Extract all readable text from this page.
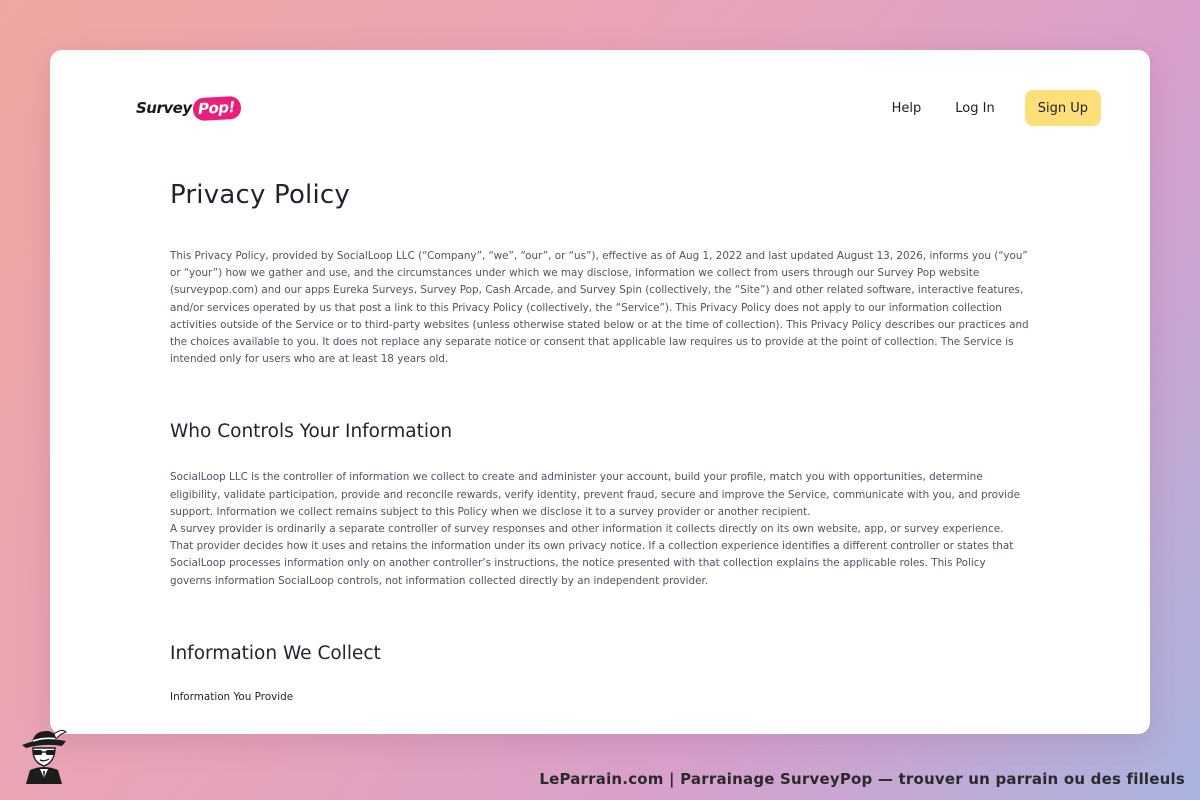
Survey Pop!	Help	Log In	Sign Up
Privacy Policy

This Privacy Policy, provided by SocialLoop LLC (“Company”, “we”, “our”, or “us”), effective as of Aug 1, 2022 and last updated August 13, 2026, informs you (“you” or “your”) how we gather and use, and the circumstances under which we may disclose, information we collect from users through our Survey Pop website (surveypop.com) and our apps Eureka Surveys, Survey Pop, Cash Arcade, and Survey Spin (collectively, the “Site”) and other related software, interactive features, and/or services operated by us that post a link to this Privacy Policy (collectively, the “Service”). This Privacy Policy does not apply to our information collection activities outside of the Service or to third-party websites (unless otherwise stated below or at the time of collection). This Privacy Policy describes our practices and the choices available to you. It does not replace any separate notice or consent that applicable law requires us to provide at the point of collection. The Service is intended only for users who are at least 18 years old.

Who Controls Your Information

SocialLoop LLC is the controller of information we collect to create and administer your account, build your profile, match you with opportunities, determine eligibility, validate participation, provide and reconcile rewards, verify identity, prevent fraud, secure and improve the Service, communicate with you, and provide support. Information we collect remains subject to this Policy when we disclose it to a survey provider or another recipient.

A survey provider is ordinarily a separate controller of survey responses and other information it collects directly on its own website, app, or survey experience. That provider decides how it uses and retains the information under its own privacy notice. If a collection experience identifies a different controller or states that SocialLoop processes information only on another controller’s instructions, the notice presented with that collection explains the applicable roles. This Policy governs information SocialLoop controls, not information collected directly by an independent provider.

Information We Collect

Information You Provide

LeParrain.com | Parrainage SurveyPop — trouver un parrain ou des filleuls
